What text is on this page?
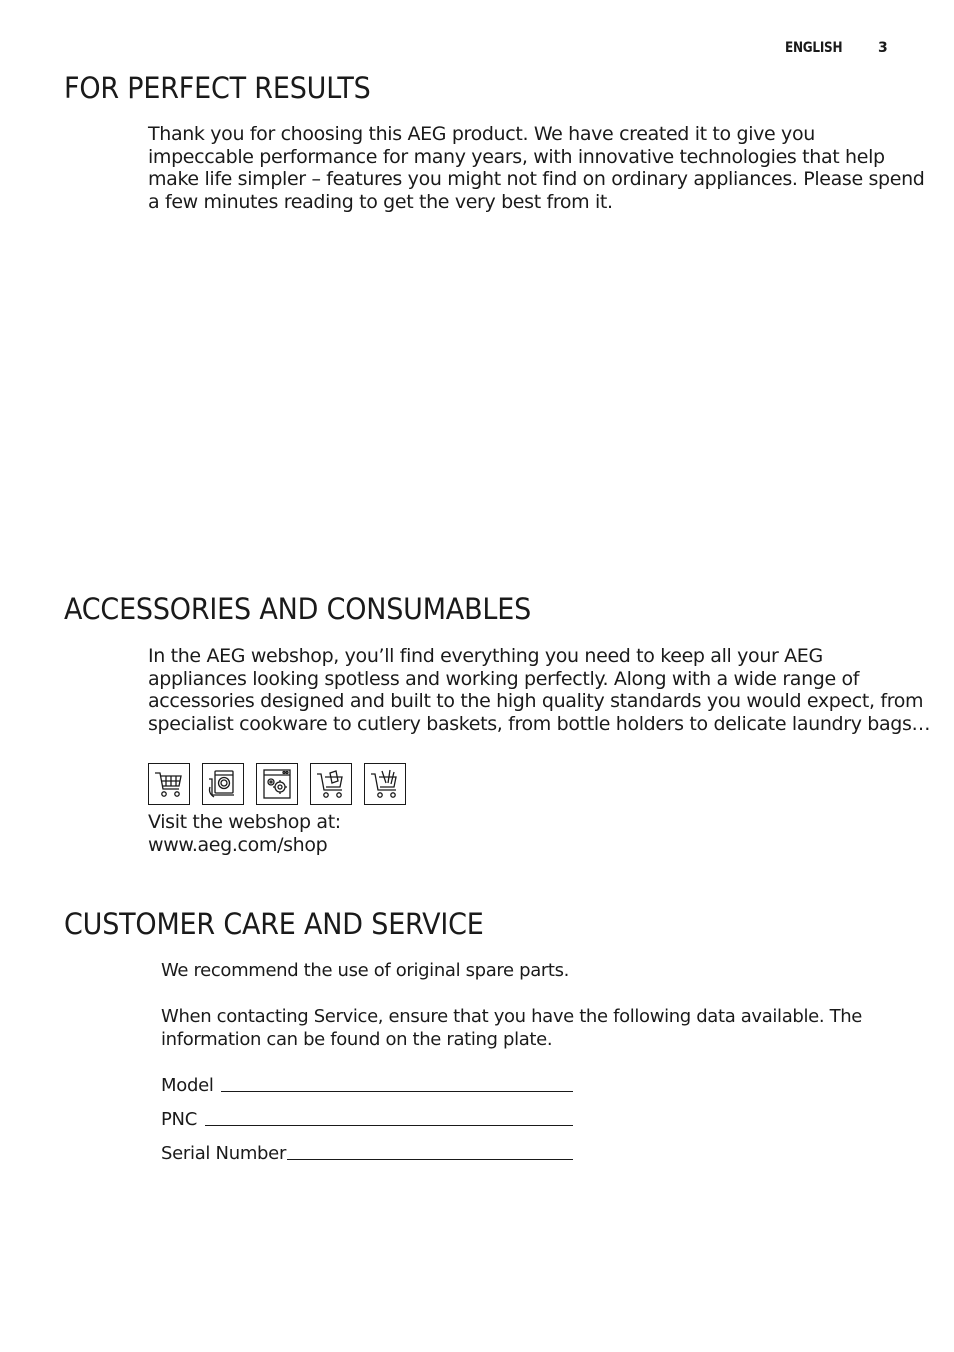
ENGLISH	3
FOR PERFECT RESULTS
Thank you for choosing this AEG product. We have created it to give you
impeccable performance for many years, with innovative technologies that help
make life simpler – features you might not find on ordinary appliances. Please spend
a few minutes reading to get the very best from it.
ACCESSORIES AND CONSUMABLES
In the AEG webshop, you’ll find everything you need to keep all your AEG
appliances looking spotless and working perfectly. Along with a wide range of
accessories designed and built to the high quality standards you would expect, from
specialist cookware to cutlery baskets, from bottle holders to delicate laundry bags…
Visit the webshop at:
www.aeg.com/shop
CUSTOMER CARE AND SERVICE
We recommend the use of original spare parts.
When contacting Service, ensure that you have the following data available. The
information can be found on the rating plate.
Model
PNC
Serial Number
